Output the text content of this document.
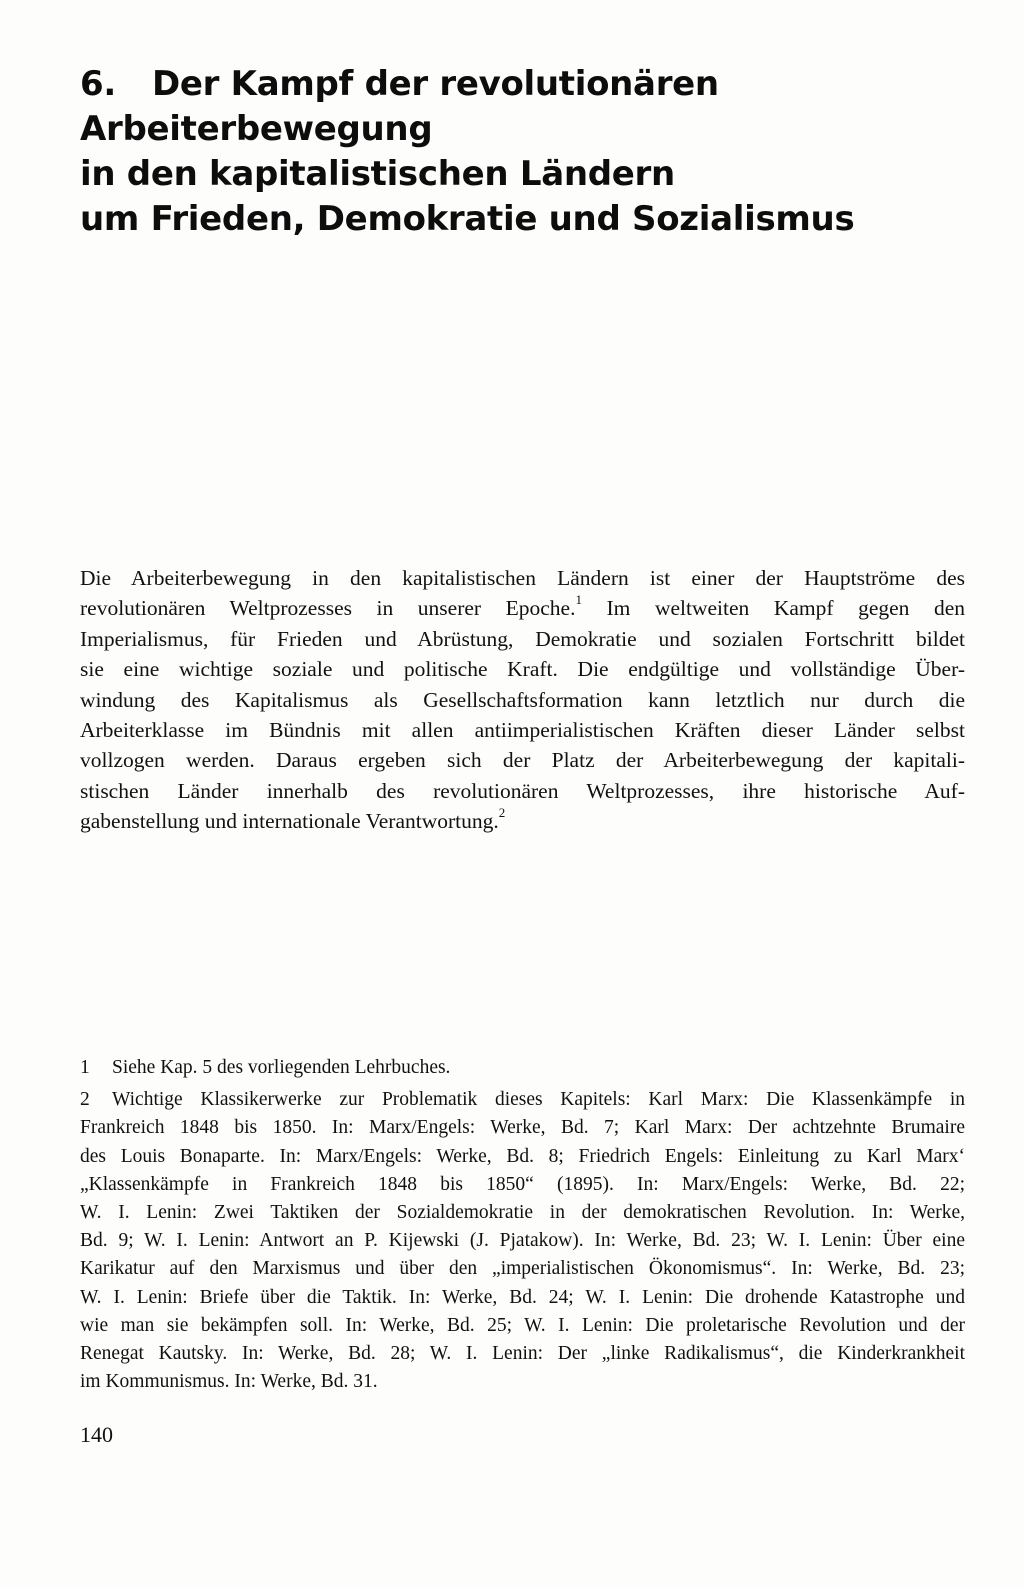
6. Der Kampf der revolutionären
Arbeiterbewegung
in den kapitalistischen Ländern
um Frieden, Demokratie und Sozialismus
Die Arbeiterbewegung in den kapitalistischen Ländern ist einer der Hauptströme des
revolutionären Weltprozesses in unserer Epoche.$^1$ Im weltweiten Kampf gegen den
Imperialismus, für Frieden und Abrüstung, Demokratie und sozialen Fortschritt bildet
sie eine wichtige soziale und politische Kraft. Die endgültige und vollständige Über-
windung des Kapitalismus als Gesellschaftsformation kann letztlich nur durch die
Arbeiterklasse im Bündnis mit allen antiimperialistischen Kräften dieser Länder selbst
vollzogen werden. Daraus ergeben sich der Platz der Arbeiterbewegung der kapitali-
stischen Länder innerhalb des revolutionären Weltprozesses, ihre historische Auf-
gabenstellung und internationale Verantwortung.$^2$
1 Siehe Kap. 5 des vorliegenden Lehrbuches.
2 Wichtige Klassikerwerke zur Problematik dieses Kapitels: Karl Marx: Die Klassenkämpfe in
Frankreich 1848 bis 1850. In: Marx/Engels: Werke, Bd. 7; Karl Marx: Der achtzehnte Brumaire
des Louis Bonaparte. In: Marx/Engels: Werke, Bd. 8; Friedrich Engels: Einleitung zu Karl Marx‘
„Klassenkämpfe in Frankreich 1848 bis 1850“ (1895). In: Marx/Engels: Werke, Bd. 22;
W. I. Lenin: Zwei Taktiken der Sozialdemokratie in der demokratischen Revolution. In: Werke,
Bd. 9; W. I. Lenin: Antwort an P. Kijewski (J. Pjatakow). In: Werke, Bd. 23; W. I. Lenin: Über eine
Karikatur auf den Marxismus und über den „imperialistischen Ökonomismus“. In: Werke, Bd. 23;
W. I. Lenin: Briefe über die Taktik. In: Werke, Bd. 24; W. I. Lenin: Die drohende Katastrophe und
wie man sie bekämpfen soll. In: Werke, Bd. 25; W. I. Lenin: Die proletarische Revolution und der
Renegat Kautsky. In: Werke, Bd. 28; W. I. Lenin: Der „linke Radikalismus“, die Kinderkrankheit
im Kommunismus. In: Werke, Bd. 31.
140
